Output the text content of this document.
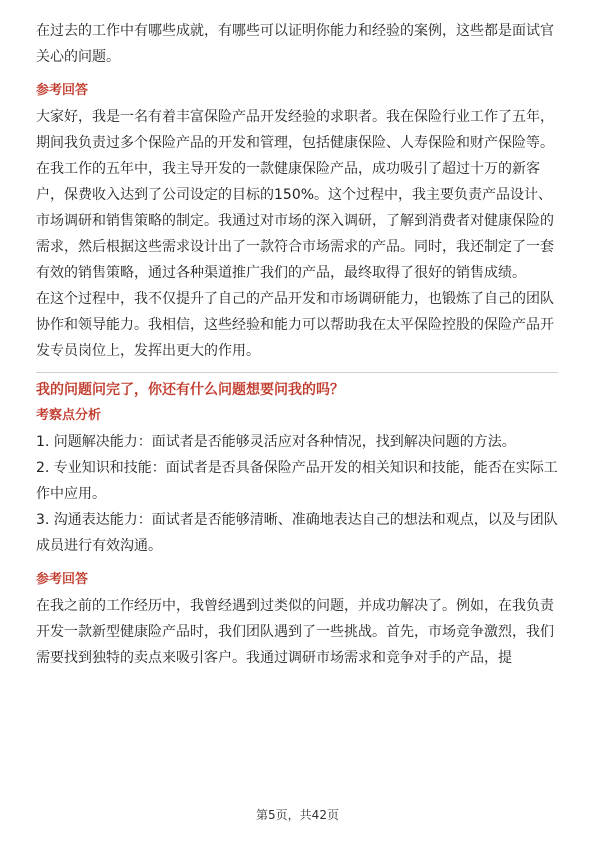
在过去的工作中有哪些成就，有哪些可以证明你能力和经验的案例，这些都是面试官关心的问题。

参考回答

大家好，我是一名有着丰富保险产品开发经验的求职者。我在保险行业工作了五年，期间我负责过多个保险产品的开发和管理，包括健康保险、人寿保险和财产保险等。

在我工作的五年中，我主导开发的一款健康保险产品，成功吸引了超过十万的新客户，保费收入达到了公司设定的目标的150%。这个过程中，我主要负责产品设计、市场调研和销售策略的制定。我通过对市场的深入调研，了解到消费者对健康保险的需求，然后根据这些需求设计出了一款符合市场需求的产品。同时，我还制定了一套有效的销售策略，通过各种渠道推广我们的产品，最终取得了很好的销售成绩。

在这个过程中，我不仅提升了自己的产品开发和市场调研能力，也锻炼了自己的团队协作和领导能力。我相信，这些经验和能力可以帮助我在太平保险控股的保险产品开发专员岗位上，发挥出更大的作用。

我的问题问完了，你还有什么问题想要问我的吗？

考察点分析

1. 问题解决能力：面试者是否能够灵活应对各种情况，找到解决问题的方法。

2. 专业知识和技能：面试者是否具备保险产品开发的相关知识和技能，能否在实际工作中应用。

3. 沟通表达能力：面试者是否能够清晰、准确地表达自己的想法和观点，以及与团队成员进行有效沟通。

参考回答

在我之前的工作经历中，我曾经遇到过类似的问题，并成功解决了。例如，在我负责开发一款新型健康险产品时，我们团队遇到了一些挑战。首先，市场竞争激烈，我们需要找到独特的卖点来吸引客户。我通过调研市场需求和竞争对手的产品，提

第5页，共42页
